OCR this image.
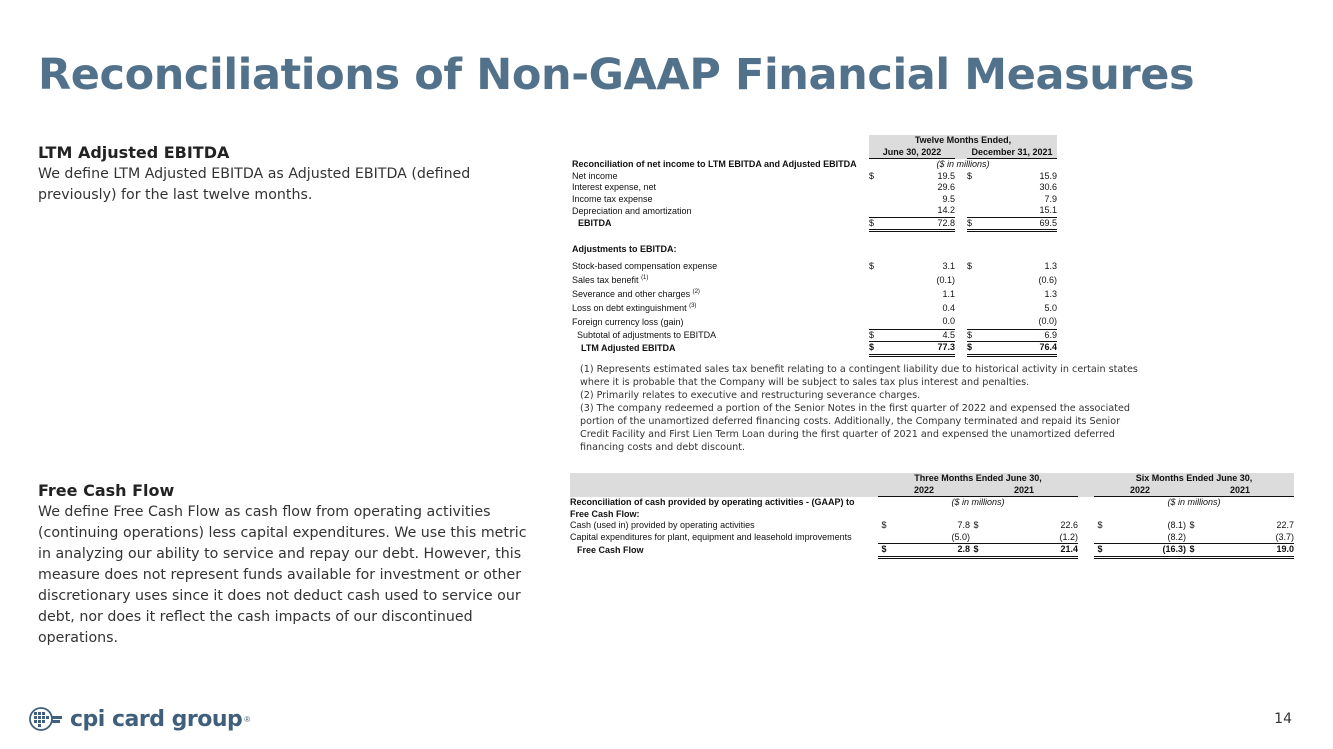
Reconciliations of Non-GAAP Financial Measures
LTM Adjusted EBITDA
We define LTM Adjusted EBITDA as Adjusted EBITDA (defined previously) for the last twelve months.
Free Cash Flow
We define Free Cash Flow as cash flow from operating activities (continuing operations) less capital expenditures. We use this metric in analyzing our ability to service and repay our debt. However, this measure does not represent funds available for investment or other discretionary uses since it does not deduct cash used to service our debt, nor does it reflect the cash impacts of our discontinued operations.
	Twelve Months Ended,				
	June 30, 2022			December 31, 2021	
Reconciliation of net income to LTM EBITDA and Adjusted EBITDA	($ in millions)				
Net income	$	19.5		$	15.9
Interest expense, net		29.6			30.6
Income tax expense		9.5			7.9
Depreciation and amortization		14.2			15.1
EBITDA	$	72.8		$	69.5

Adjustments to EBITDA:					

Stock-based compensation expense	$	3.1		$	1.3
Sales tax benefit $^{(1)}$		(0.1)			(0.6)
Severance and other charges $^{(2)}$		1.1			1.3
Loss on debt extinguishment $^{(3)}$		0.4			5.0
Foreign currency loss (gain)		0.0			(0.0)
Subtotal of adjustments to EBITDA	$	4.5		$	6.9
LTM Adjusted EBITDA	$	77.3		$	76.4

(1) Represents estimated sales tax benefit relating to a contingent liability due to historical activity in certain states where it is probable that the Company will be subject to sales tax plus interest and penalties.

(2) Primarily relates to executive and restructuring severance charges.

(3) The company redeemed a portion of the Senior Notes in the first quarter of 2022 and expensed the associated portion of the unamortized deferred financing costs. Additionally, the Company terminated and repaid its Senior Credit Facility and First Lien Term Loan during the first quarter of 2021 and expensed the unamortized deferred financing costs and debt discount.

	Three Months Ended June 30,					Six Months Ended June 30,			
	2022		2021			2022		2021	
Reconciliation of cash provided by operating activities - (GAAP) to	($ in millions)					($ in millions)			
Free Cash Flow:									
Cash (used in) provided by operating activities	$	7.8	$	22.6		$	(8.1)	$	22.7
Capital expenditures for plant, equipment and leasehold improvements		(5.0)		(1.2)			(8.2)		(3.7)
Free Cash Flow	$	2.8	$	21.4		$	(16.3)	$	19.0
cpi card group ®	14
